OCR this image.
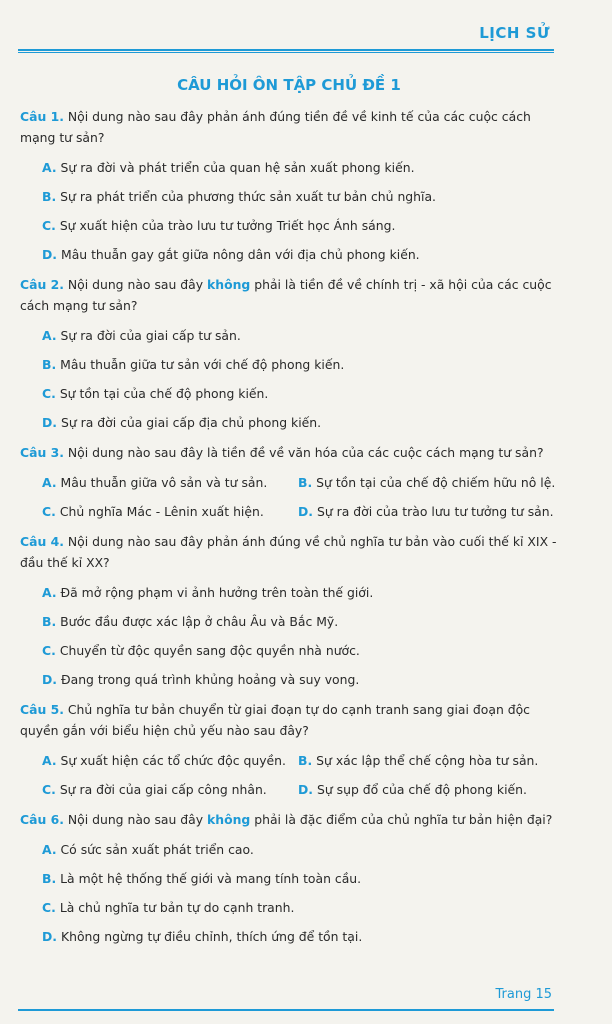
LỊCH SỬ
CÂU HỎI ÔN TẬP CHỦ ĐỀ 1

Câu 1. Nội dung nào sau đây phản ánh đúng tiền đề về kinh tế của các cuộc cách mạng tư sản?

A. Sự ra đời và phát triển của quan hệ sản xuất phong kiến.
B. Sự ra phát triển của phương thức sản xuất tư bản chủ nghĩa.
C. Sự xuất hiện của trào lưu tư tưởng Triết học Ánh sáng.
D. Mâu thuẫn gay gắt giữa nông dân với địa chủ phong kiến.

Câu 2. Nội dung nào sau đây không phải là tiền đề về chính trị - xã hội của các cuộc cách mạng tư sản?

A. Sự ra đời của giai cấp tư sản.
B. Mâu thuẫn giữa tư sản với chế độ phong kiến.
C. Sự tồn tại của chế độ phong kiến.
D. Sự ra đời của giai cấp địa chủ phong kiến.

Câu 3. Nội dung nào sau đây là tiền đề về văn hóa của các cuộc cách mạng tư sản?

A. Mâu thuẫn giữa vô sản và tư sản.	B. Sự tồn tại của chế độ chiếm hữu nô lệ.
C. Chủ nghĩa Mác - Lênin xuất hiện.	D. Sự ra đời của trào lưu tư tưởng tư sản.

Câu 4. Nội dung nào sau đây phản ánh đúng về chủ nghĩa tư bản vào cuối thế kỉ XIX - đầu thế kỉ XX?

A. Đã mở rộng phạm vi ảnh hưởng trên toàn thế giới.
B. Bước đầu được xác lập ở châu Âu và Bắc Mỹ.
C. Chuyển từ độc quyền sang độc quyền nhà nước.
D. Đang trong quá trình khủng hoảng và suy vong.

Câu 5. Chủ nghĩa tư bản chuyển từ giai đoạn tự do cạnh tranh sang giai đoạn độc quyền gắn với biểu hiện chủ yếu nào sau đây?

A. Sự xuất hiện các tổ chức độc quyền. B. Sự xác lập thể chế cộng hòa tư sản.
C. Sự ra đời của giai cấp công nhân.	D. Sự sụp đổ của chế độ phong kiến.

Câu 6. Nội dung nào sau đây không phải là đặc điểm của chủ nghĩa tư bản hiện đại?

A. Có sức sản xuất phát triển cao.
B. Là một hệ thống thế giới và mang tính toàn cầu.
C. Là chủ nghĩa tư bản tự do cạnh tranh.
D. Không ngừng tự điều chỉnh, thích ứng để tồn tại.
Trang 15
